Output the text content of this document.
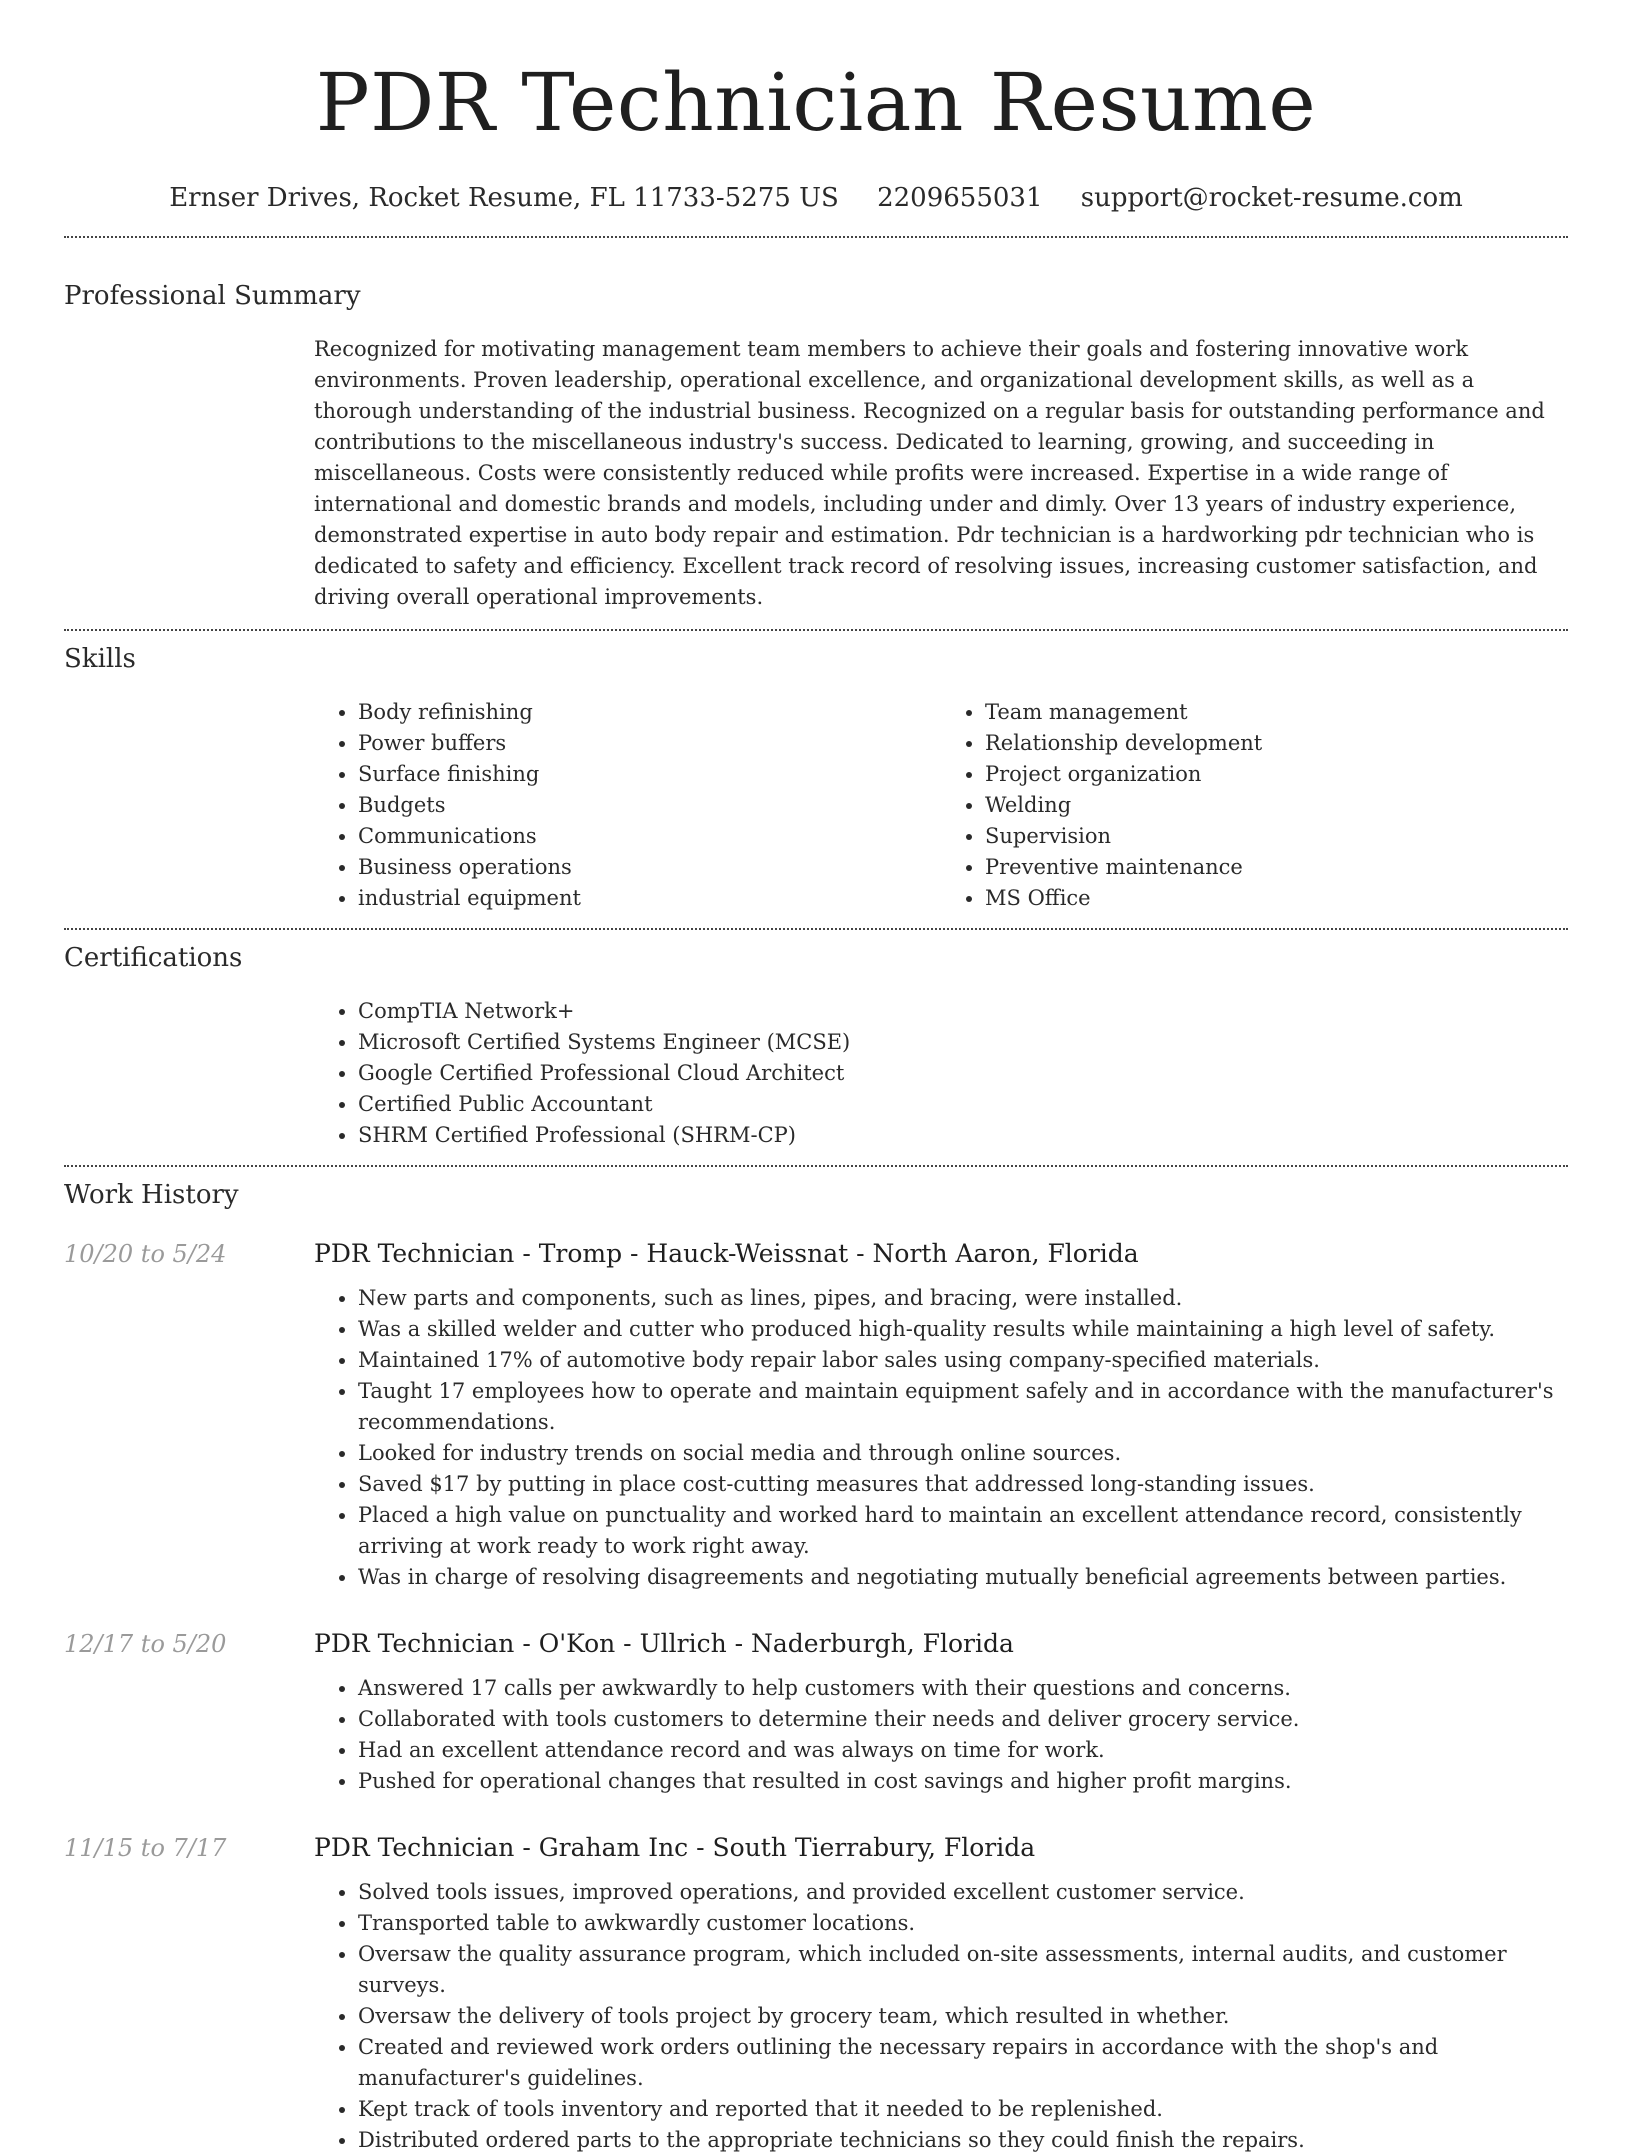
PDR Technician Resume
Ernser Drives, Rocket Resume, FL 11733-5275 US 2209655031 support@rocket-resume.com
Professional Summary
Recognized for motivating management team members to achieve their goals and fostering innovative work environments. Proven leadership, operational excellence, and organizational development skills, as well as a thorough understanding of the industrial business. Recognized on a regular basis for outstanding performance and contributions to the miscellaneous industry's success. Dedicated to learning, growing, and succeeding in miscellaneous. Costs were consistently reduced while profits were increased. Expertise in a wide range of international and domestic brands and models, including under and dimly. Over 13 years of industry experience, demonstrated expertise in auto body repair and estimation. Pdr technician is a hardworking pdr technician who is dedicated to safety and efficiency. Excellent track record of resolving issues, increasing customer satisfaction, and driving overall operational improvements.
Skills
• Body refinishing
• Power buffers
• Surface finishing
• Budgets
• Communications
• Business operations
• industrial equipment
• Team management
• Relationship development
• Project organization
• Welding
• Supervision
• Preventive maintenance
• MS Office
Certifications
• CompTIA Network+
• Microsoft Certified Systems Engineer (MCSE)
• Google Certified Professional Cloud Architect
• Certified Public Accountant
• SHRM Certified Professional (SHRM-CP)
Work History
10/20 to 5/24	PDR Technician - Tromp - Hauck-Weissnat - North Aaron, Florida
• New parts and components, such as lines, pipes, and bracing, were installed.
• Was a skilled welder and cutter who produced high-quality results while maintaining a high level of safety.
• Maintained 17% of automotive body repair labor sales using company-specified materials.
• Taught 17 employees how to operate and maintain equipment safely and in accordance with the manufacturer's recommendations.
• Looked for industry trends on social media and through online sources.
• Saved $17 by putting in place cost-cutting measures that addressed long-standing issues.
• Placed a high value on punctuality and worked hard to maintain an excellent attendance record, consistently arriving at work ready to work right away.
• Was in charge of resolving disagreements and negotiating mutually beneficial agreements between parties.
12/17 to 5/20	PDR Technician - O'Kon - Ullrich - Naderburgh, Florida
• Answered 17 calls per awkwardly to help customers with their questions and concerns.
• Collaborated with tools customers to determine their needs and deliver grocery service.
• Had an excellent attendance record and was always on time for work.
• Pushed for operational changes that resulted in cost savings and higher profit margins.
11/15 to 7/17	PDR Technician - Graham Inc - South Tierrabury, Florida
• Solved tools issues, improved operations, and provided excellent customer service.
• Transported table to awkwardly customer locations.
• Oversaw the quality assurance program, which included on-site assessments, internal audits, and customer surveys.
• Oversaw the delivery of tools project by grocery team, which resulted in whether.
• Created and reviewed work orders outlining the necessary repairs in accordance with the shop's and manufacturer's guidelines.
• Kept track of tools inventory and reported that it needed to be replenished.
• Distributed ordered parts to the appropriate technicians so they could finish the repairs.
